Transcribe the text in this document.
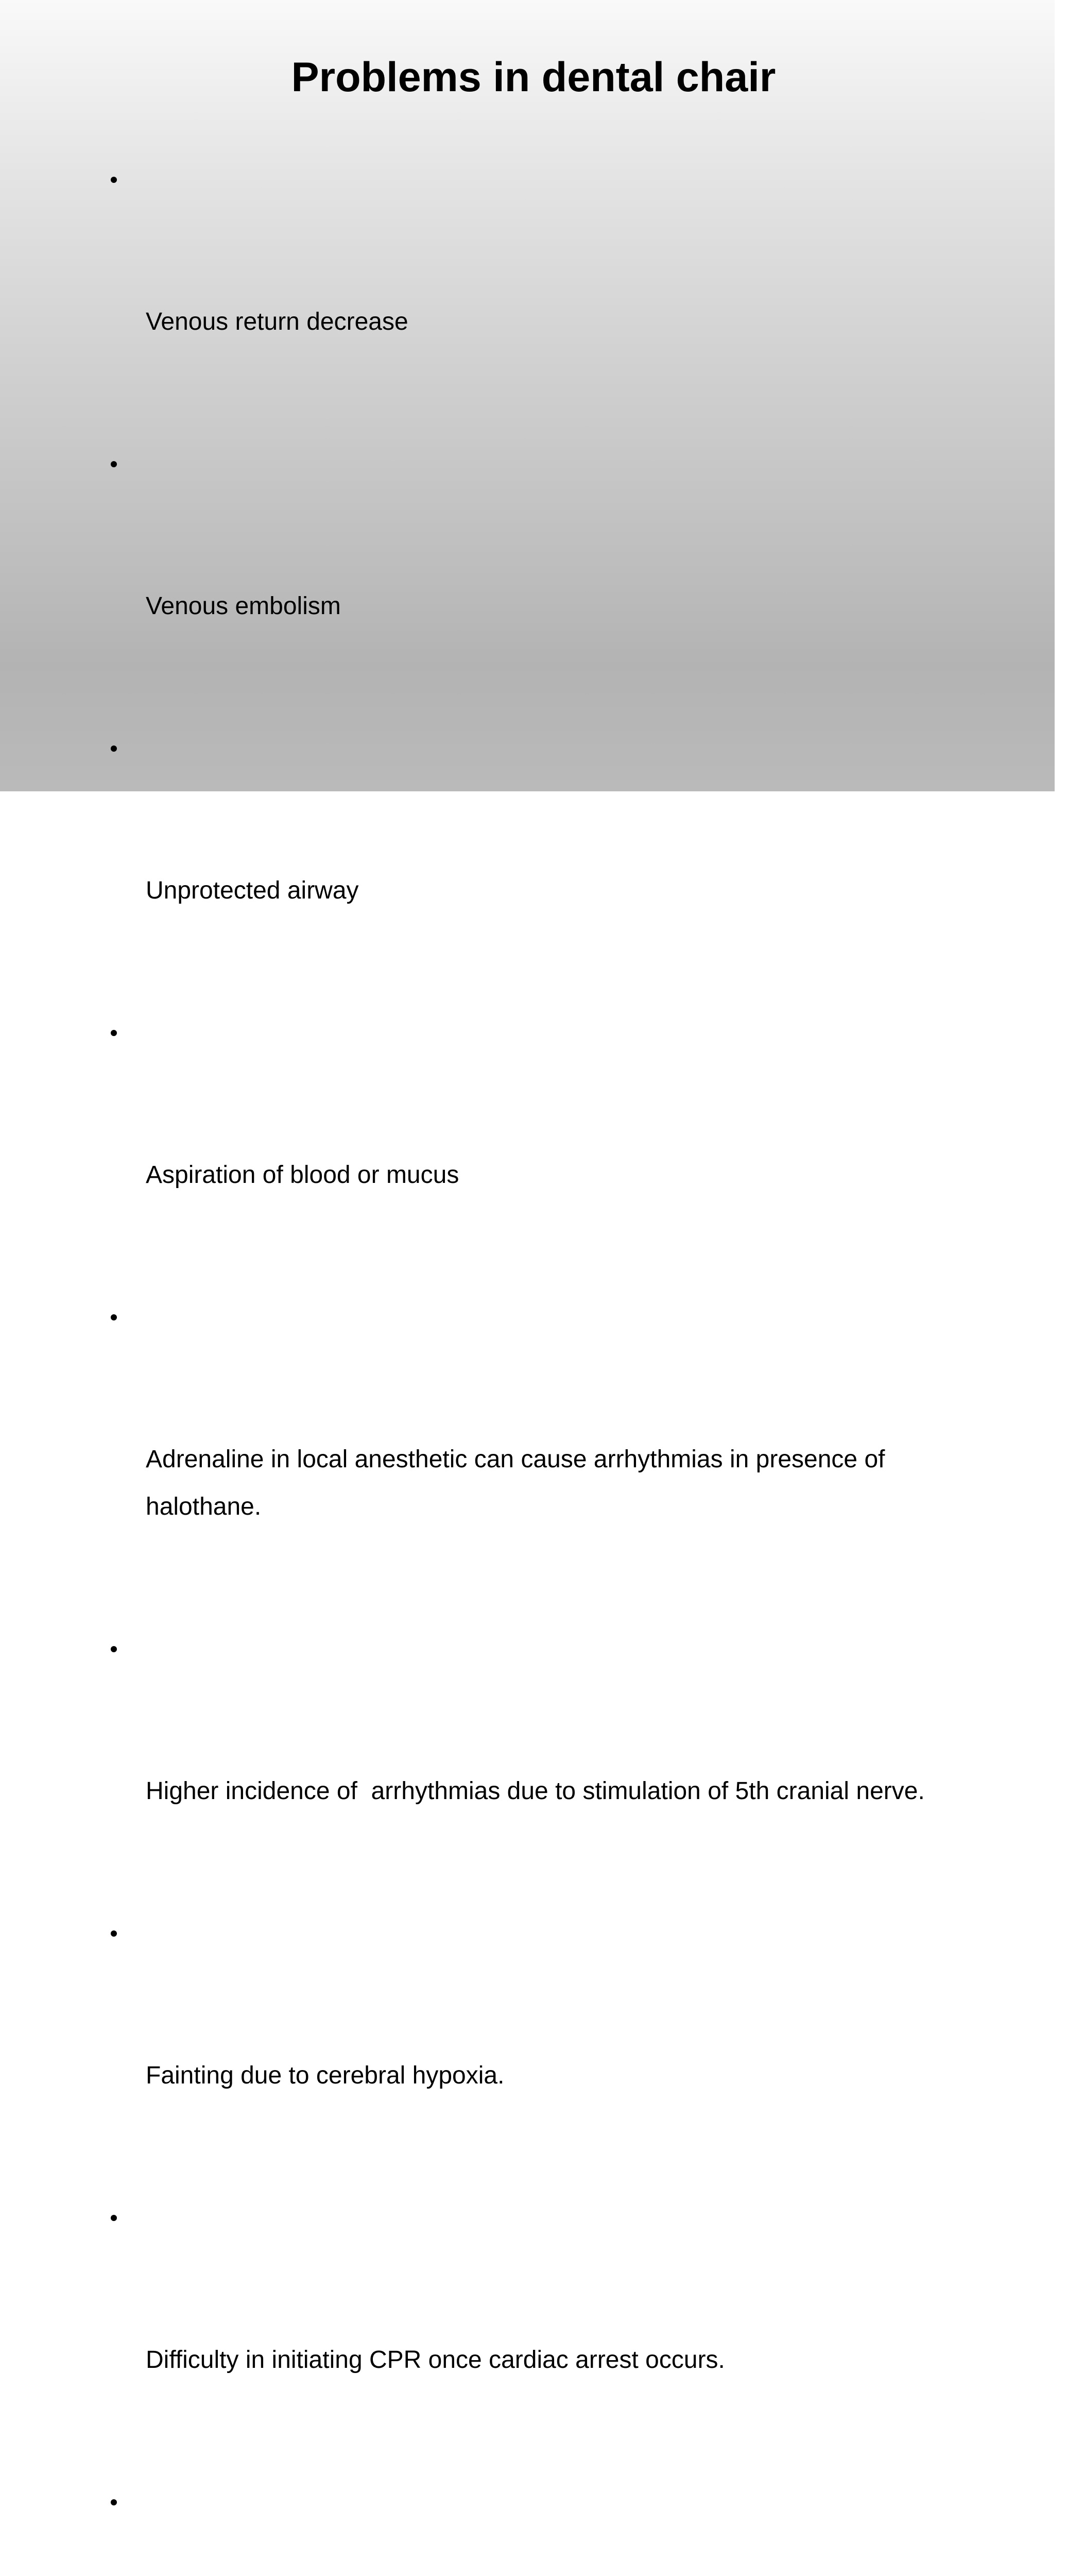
Problems in dental chair

Venous return decrease

Venous embolism

Unprotected airway

Aspiration of blood or mucus

Adrenaline in local anesthetic can cause arrhythmias in presence of halothane.

Higher incidence of  arrhythmias due to stimulation of 5th cranial nerve.

Fainting due to cerebral hypoxia.

Difficulty in initiating CPR once cardiac arrest occurs.
